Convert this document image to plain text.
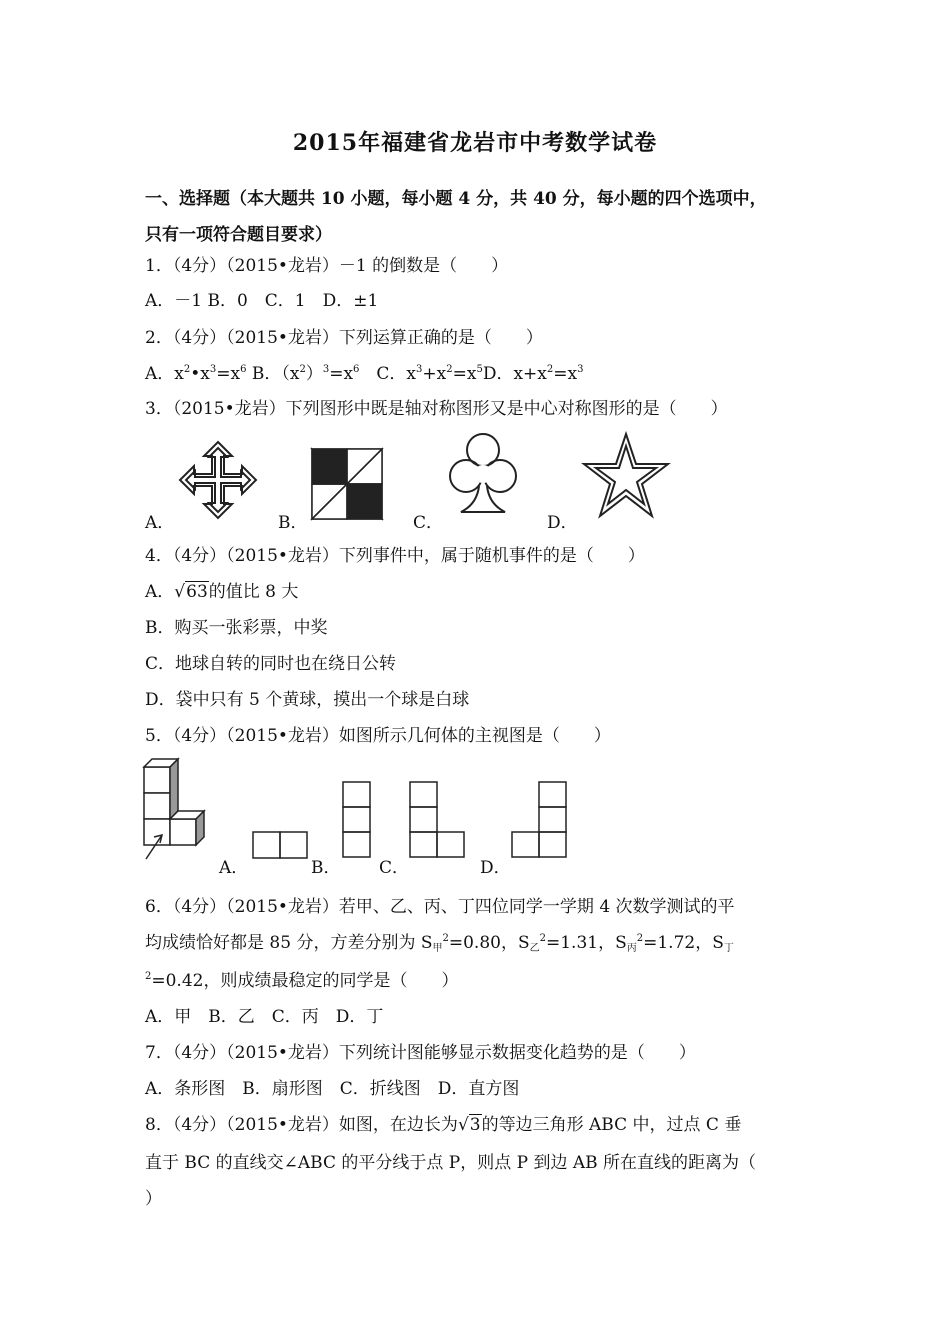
2015年福建省龙岩市中考数学试卷
一、选择题（本大题共 10 小题，每小题 4 分，共 40 分，每小题的四个选项中，
只有一项符合题目要求）
1．（4分）（2015•龙岩）－1 的倒数是（　　）
A．－1 B．0　C．1　D．±1
2．（4分）（2015•龙岩）下列运算正确的是（　　）
A．$x^2•x^3=x^6$ B．$(x^2)^3=x^6$　C．$x^3+x^2=x^5D$．$x+x^2=x^3$
3．（2015•龙岩）下列图形中既是轴对称图形又是中心对称图形的是（　　）
A．	B．	C．	D．
4．（4分）（2015•龙岩）下列事件中，属于随机事件的是（　　）
A．√63的值比 8 大
B．购买一张彩票，中奖
C．地球自转的同时也在绕日公转
D．袋中只有 5 个黄球，摸出一个球是白球
5．（4分）（2015•龙岩）如图所示几何体的主视图是（　　）
A．	B． C．	D．
6．（4分）（2015•龙岩）若甲、乙、丙、丁四位同学一学期 4 次数学测试的平
均成绩恰好都是 85 分，方差分别为 $S_甲^2=0.80$，$S_乙^2=1.31$，$S_丙^2=1.72$，$S_丁$
$^2$=0.42，则成绩最稳定的同学是（　　）
A．甲　B．乙　C．丙　D．丁
7．（4分）（2015•龙岩）下列统计图能够显示数据变化趋势的是（　　）
A．条形图　B．扇形图　C．折线图　D．直方图
8．（4分）（2015•龙岩）如图，在边长为√3的等边三角形 ABC 中，过点 C 垂
直于 BC 的直线交∠ABC 的平分线于点 P，则点 P 到边 AB 所在直线的距离为（
）
